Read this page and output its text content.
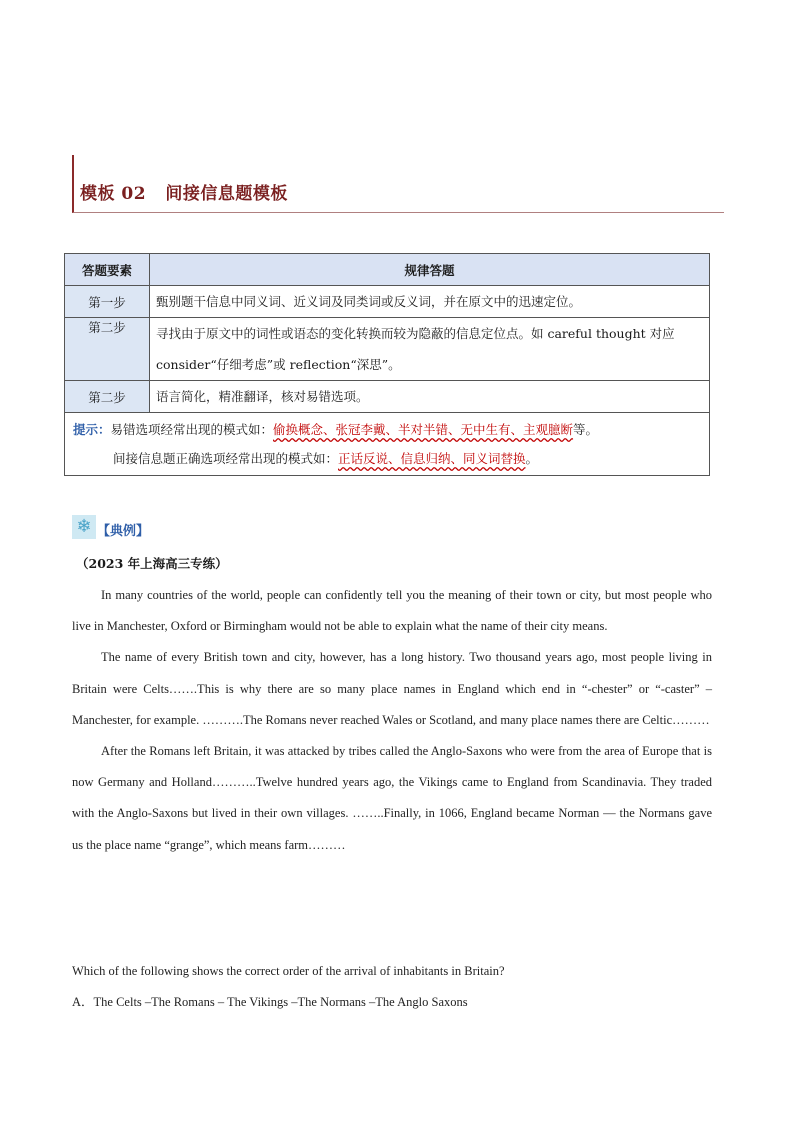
模板 02   间接信息题模板
答题要素	规律答题
第一步	甄别题干信息中同义词、近义词及同类词或反义词，并在原文中的迅速定位。
第二步	寻找由于原文中的词性或语态的变化转换而较为隐蔽的信息定位点。如 careful thought 对应 consider“仔细考虑”或 reflection“深思”。
第二步	语言简化，精准翻译，核对易错选项。

提示：易错选项经常出现的模式如：偷换概念、张冠李戴、半对半错、无中生有、主观臆断等。
间接信息题正确选项经常出现的模式如：正话反说、信息归纳、同义词替换。	
❄ 【典例】
（2023 年上海高三专练）

In many countries of the world, people can confidently tell you the meaning of their town or city, but most people who live in Manchester, Oxford or Birmingham would not be able to explain what the name of their city means.

The name of every British town and city, however, has a long history. Two thousand years ago, most people living in Britain were Celts…….This is why there are so many place names in England which end in “-chester” or “-caster” –Manchester, for example. ……….The Romans never reached Wales or Scotland, and many place names there are Celtic………

After the Romans left Britain, it was attacked by tribes called the Anglo-Saxons who were from the area of Europe that is now Germany and Holland………..Twelve hundred years ago, the Vikings came to England from Scandinavia. They traded with the Anglo-Saxons but lived in their own villages. ……..Finally, in 1066, England became Norman — the Normans gave us the place name “grange”, which means farm………

Which of the following shows the correct order of the arrival of inhabitants in Britain?

A．The Celts –The Romans – The Vikings –The Normans –The Anglo Saxons
